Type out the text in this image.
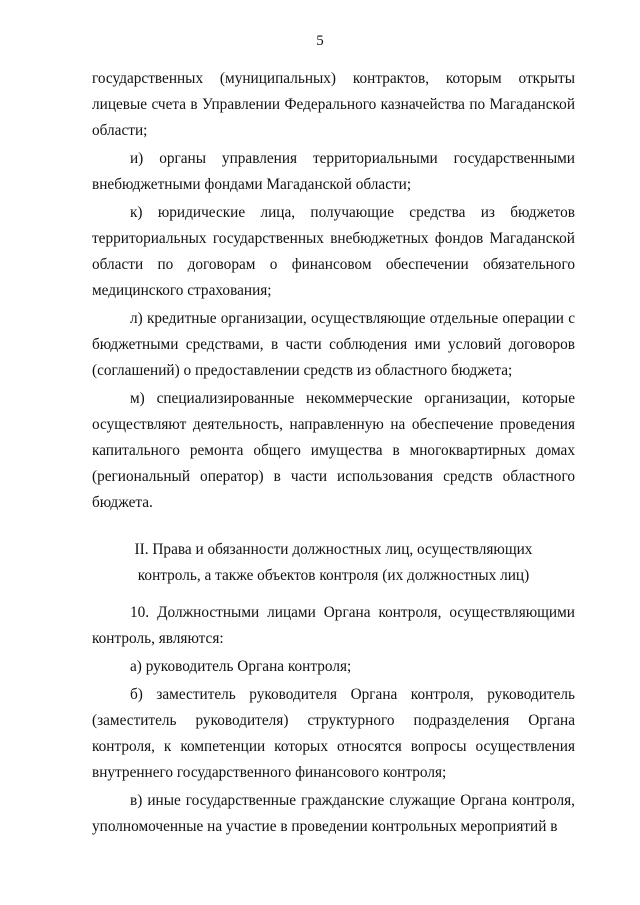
5

государственных (муниципальных) контрактов, которым открыты лицевые счета в Управлении Федерального казначейства по Магаданской области;

и) органы управления территориальными государственными внебюджетными фондами Магаданской области;

к) юридические лица, получающие средства из бюджетов территориальных государственных внебюджетных фондов Магаданской области по договорам о финансовом обеспечении обязательного медицинского страхования;

л) кредитные организации, осуществляющие отдельные операции с бюджетными средствами, в части соблюдения ими условий договоров (соглашений) о предоставлении средств из областного бюджета;

м) специализированные некоммерческие организации, которые осуществляют деятельность, направленную на обеспечение проведения капитального ремонта общего имущества в многоквартирных домах (региональный оператор) в части использования средств областного бюджета.

II. Права и обязанности должностных лиц, осуществляющих

контроль, а также объектов контроля (их должностных лиц)

10. Должностными лицами Органа контроля, осуществляющими контроль, являются:

а) руководитель Органа контроля;

б) заместитель руководителя Органа контроля, руководитель (заместитель руководителя) структурного подразделения Органа контроля, к компетенции которых относятся вопросы осуществления внутреннего государственного финансового контроля;

в) иные государственные гражданские служащие Органа контроля, уполномоченные на участие в проведении контрольных мероприятий в
